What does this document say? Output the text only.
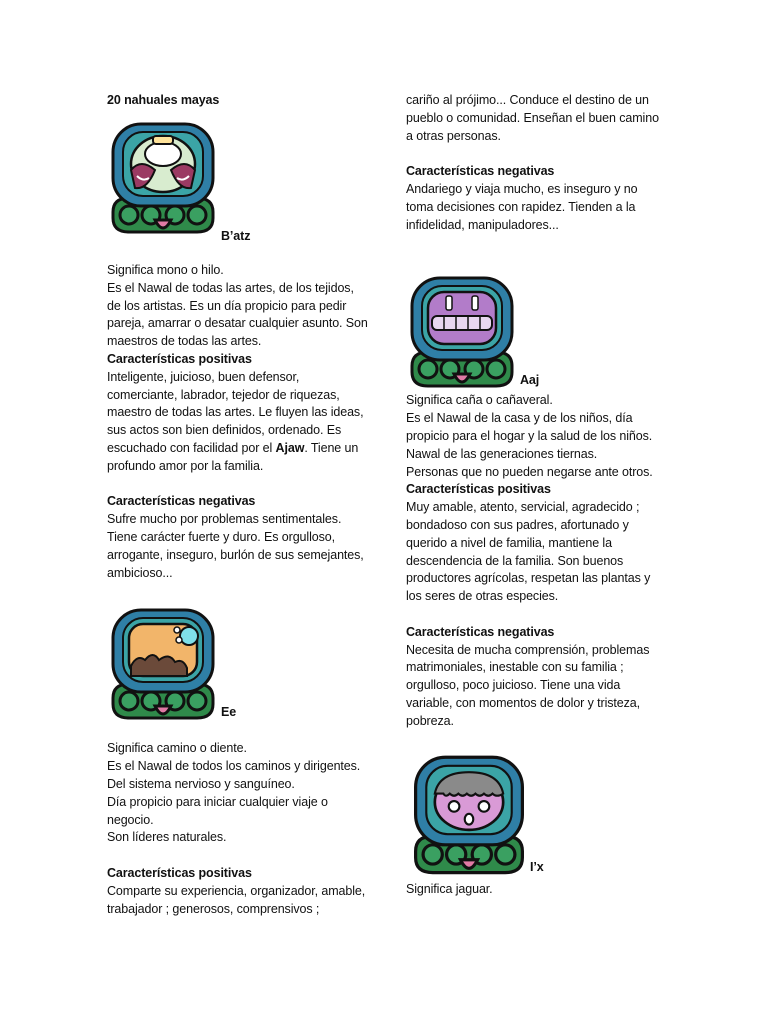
20 nahuales mayas
B’atz

Significa mono o hilo.

Es el Nawal de todas las artes, de los tejidos, de los artistas. Es un día propicio para pedir pareja, amarrar o desatar cualquier asunto. Son maestros de todas las artes.

Características positivas

Inteligente, juicioso, buen defensor, comerciante, labrador, tejedor de riquezas, maestro de todas las artes. Le fluyen las ideas, sus actos son bien definidos, ordenado. Es escuchado con facilidad por el Ajaw. Tiene un profundo amor por la familia.

Características negativas

Sufre mucho por problemas sentimentales. Tiene carácter fuerte y duro. Es orgulloso, arrogante, inseguro, burlón de sus semejantes, ambicioso...

Ee

Significa camino o diente.

Es el Nawal de todos los caminos y dirigentes.

Del sistema nervioso y sanguíneo.

Día propicio para iniciar cualquier viaje o negocio.

Son líderes naturales.

Características positivas

Comparte su experiencia, organizador, amable, trabajador ; generosos, comprensivos ;

cariño al prójimo... Conduce el destino de un pueblo o comunidad. Enseñan el buen camino a otras personas.

Características negativas

Andariego y viaja mucho, es inseguro y no toma decisiones con rapidez. Tienden a la infidelidad, manipuladores...

Aaj

Significa caña o cañaveral.

Es el Nawal de la casa y de los niños, día propicio para el hogar y la salud de los niños.

Nawal de las generaciones tiernas.

Personas que no pueden negarse ante otros.

Características positivas

Muy amable, atento, servicial, agradecido ; bondadoso con sus padres, afortunado y querido a nivel de familia, mantiene la descendencia de la familia. Son buenos productores agrícolas, respetan las plantas y los seres de otras especies.

Características negativas

Necesita de mucha comprensión, problemas matrimoniales, inestable con su familia ; orgulloso, poco juicioso. Tiene una vida variable, con momentos de dolor y tristeza, pobreza.

I’x

Significa jaguar.
